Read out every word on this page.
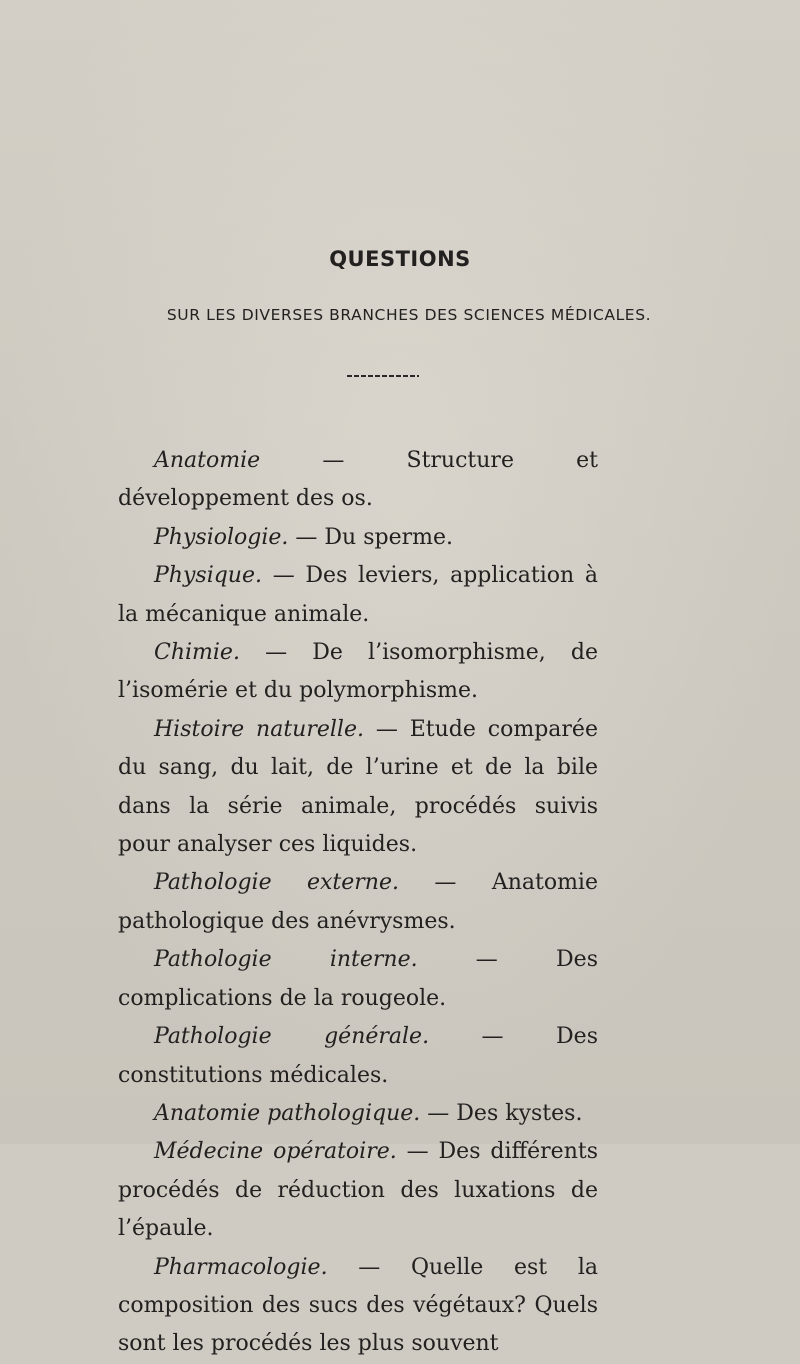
QUESTIONS
SUR LES DIVERSES BRANCHES DES SCIENCES MÉDICALES.

Anatomie — Structure et développement des os.

Physiologie. — Du sperme.

Physique. — Des leviers, application à la mécanique animale.

Chimie. — De l’isomorphisme, de l’isomérie et du polymorphisme.

Histoire naturelle. — Etude comparée du sang, du lait, de l’urine et de la bile dans la série animale, procédés suivis pour analyser ces liquides.

Pathologie externe. — Anatomie pathologique des anévrysmes.

Pathologie interne. — Des complications de la rougeole.

Pathologie générale. — Des constitutions médicales.

Anatomie pathologique. — Des kystes.

Médecine opératoire. — Des différents procédés de réduction des luxations de l’épaule.

Pharmacologie. — Quelle est la composition des sucs des végétaux? Quels sont les procédés les plus souvent
